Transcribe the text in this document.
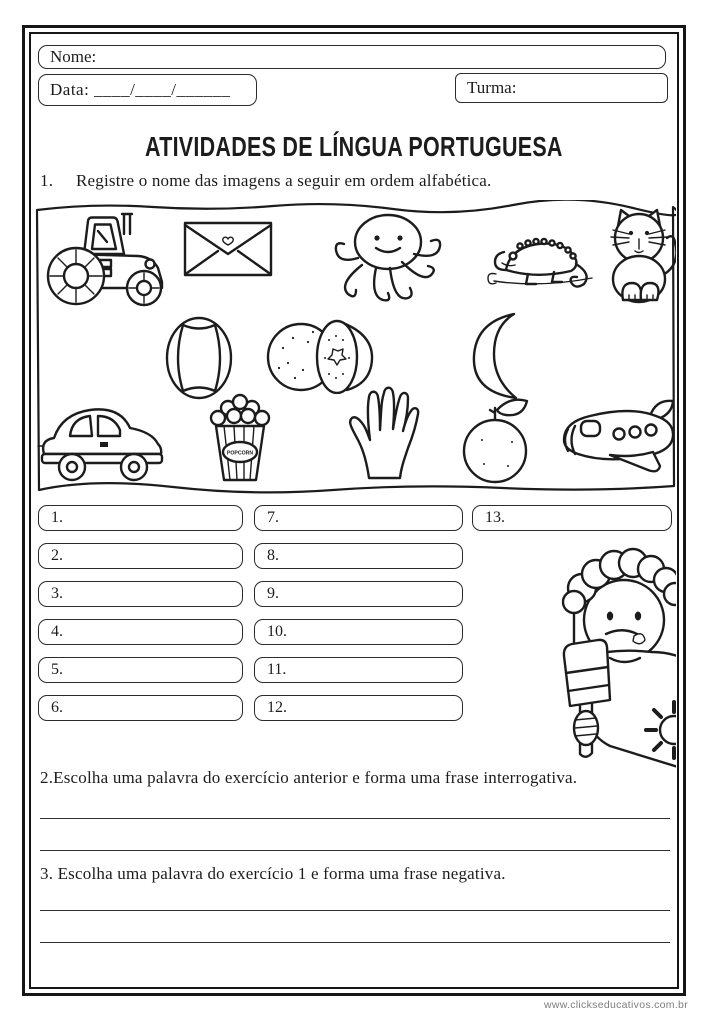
Nome:
Data: ____/____/______	Turma:
ATIVIDADES DE LÍNGUA PORTUGUESA
1.	Registre o nome das imagens a seguir em ordem alfabética.
POPCORN
1.
2.
3.
4.
5.
6.
7.
8.
9.
10.
11.
12.
13.
2.Escolha uma palavra do exercício anterior e forma uma frase interrogativa.
3. Escolha uma palavra do exercício 1 e forma uma frase negativa.
www.clickseducativos.com.br
